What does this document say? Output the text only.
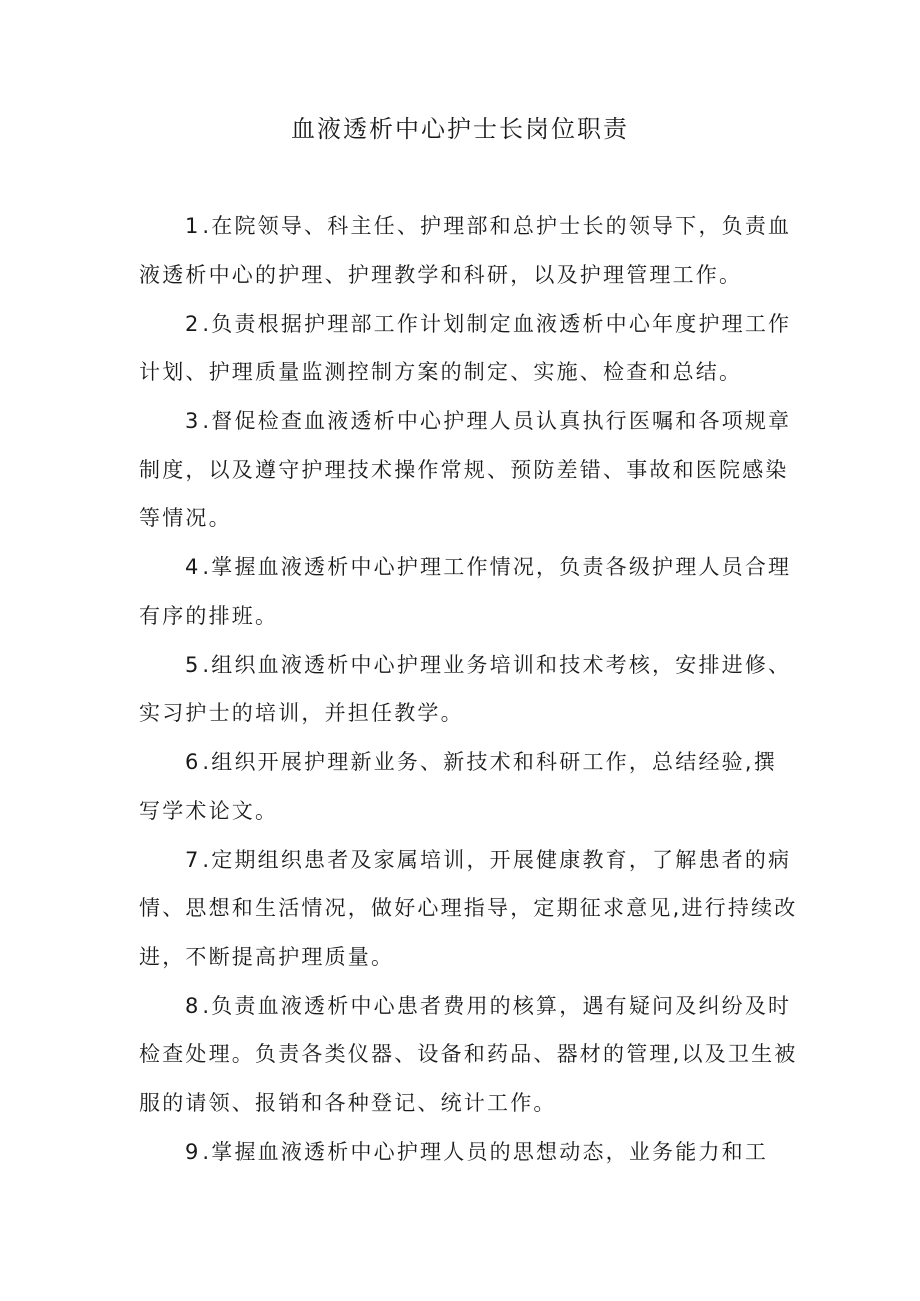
血液透析中心护士长岗位职责

1.在院领导、科主任、护理部和总护士长的领导下，负责血液透析中心的护理、护理教学和科研，以及护理管理工作。

2.负责根据护理部工作计划制定血液透析中心年度护理工作计划、护理质量监测控制方案的制定、实施、检查和总结。

3.督促检查血液透析中心护理人员认真执行医嘱和各项规章制度，以及遵守护理技术操作常规、预防差错、事故和医院感染等情况。

4.掌握血液透析中心护理工作情况，负责各级护理人员合理有序的排班。

5.组织血液透析中心护理业务培训和技术考核，安排进修、实习护士的培训，并担任教学。

6.组织开展护理新业务、新技术和科研工作，总结经验,撰写学术论文。

7.定期组织患者及家属培训，开展健康教育，了解患者的病情、思想和生活情况，做好心理指导，定期征求意见,进行持续改进，不断提高护理质量。

8.负责血液透析中心患者费用的核算，遇有疑问及纠纷及时检查处理。负责各类仪器、设备和药品、器材的管理,以及卫生被服的请领、报销和各种登记、统计工作。

9.掌握血液透析中心护理人员的思想动态，业务能力和工
